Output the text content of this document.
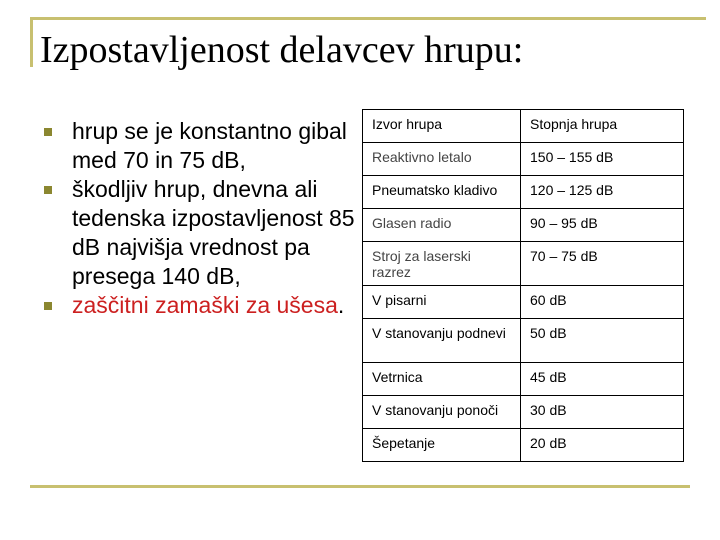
Izpostavljenost delavcev hrupu:
hrup se je konstantno gibal med 70 in 75 dB,
škodljiv hrup, dnevna ali tedenska izpostavljenost 85 dB najvišja vrednost pa presega 140 dB,
zaščitni zamaški za ušesa.
Izvor hrupa	Stopnja hrupa
Reaktivno letalo	150 – 155 dB
Pneumatsko kladivo	120 – 125 dB
Glasen radio	90 – 95 dB
Stroj za laserski razrez	70 – 75 dB
V pisarni	60 dB
V stanovanju podnevi	50 dB
Vetrnica	45 dB
V stanovanju ponoči	30 dB
Šepetanje	20 dB
